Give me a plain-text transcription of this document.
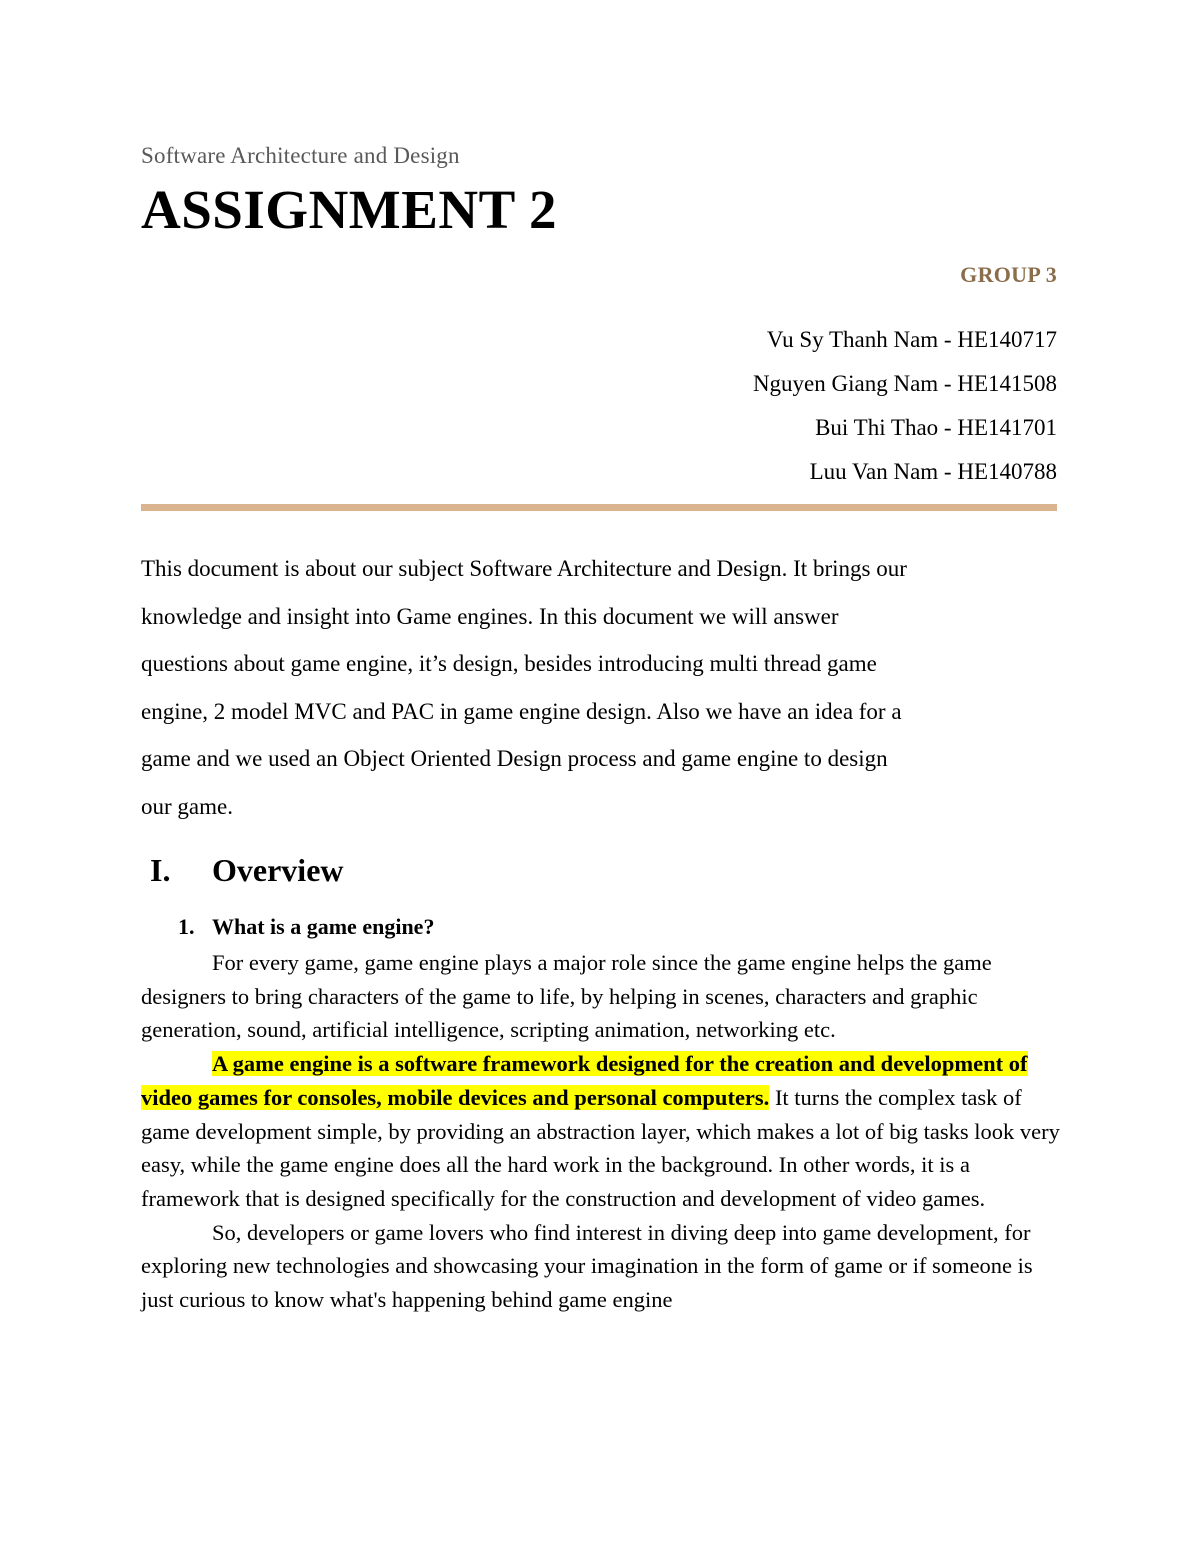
Software Architecture and Design
ASSIGNMENT 2
GROUP 3
Vu Sy Thanh Nam - HE140717
Nguyen Giang Nam - HE141508
Bui Thi Thao - HE141701
Luu Van Nam - HE140788
This document is about our subject Software Architecture and Design. It brings our
knowledge and insight into Game engines. In this document we will answer
questions about game engine, it’s design, besides introducing multi thread game
engine, 2 model MVC and PAC in game engine design. Also we have an idea for a
game and we used an Object Oriented Design process and game engine to design
our game.
I. Overview
1. What is a game engine?

For every game, game engine plays a major role since the game engine helps the game designers to bring characters of the game to life, by helping in scenes, characters and graphic generation, sound, artificial intelligence, scripting animation, networking etc.

A game engine is a software framework designed for the creation and development of video games for consoles, mobile devices and personal computers. It turns the complex task of game development simple, by providing an abstraction layer, which makes a lot of big tasks look very easy, while the game engine does all the hard work in the background. In other words, it is a framework that is designed specifically for the construction and development of video games.

So, developers or game lovers who find interest in diving deep into game development, for exploring new technologies and showcasing your imagination in the form of game or if someone is just curious to know what's happening behind game engine
